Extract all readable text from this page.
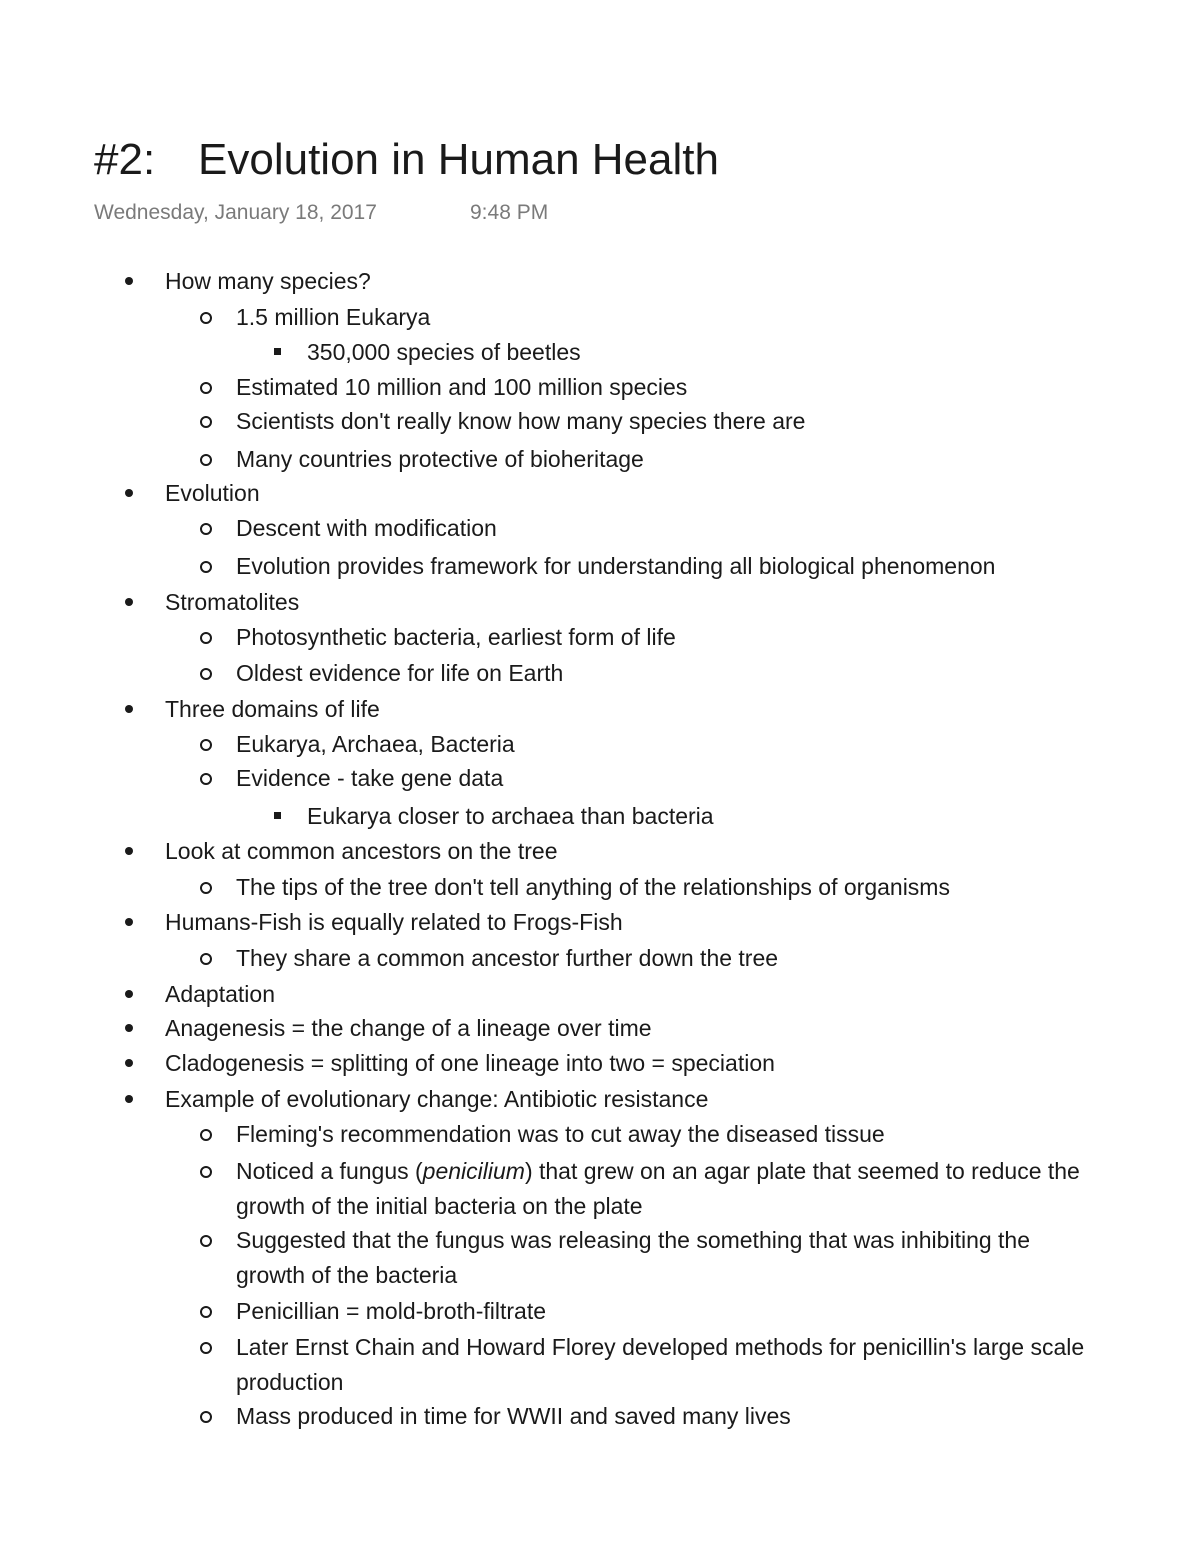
#2: Evolution in Human Health
Wednesday, January 18, 2017	9:48 PM
How many species?
1.5 million Eukarya
350,000 species of beetles
Estimated 10 million and 100 million species
Scientists don't really know how many species there are
Many countries protective of bioheritage
Evolution
Descent with modification
Evolution provides framework for understanding all biological phenomenon
Stromatolites
Photosynthetic bacteria, earliest form of life
Oldest evidence for life on Earth
Three domains of life
Eukarya, Archaea, Bacteria
Evidence - take gene data
Eukarya closer to archaea than bacteria
Look at common ancestors on the tree
The tips of the tree don't tell anything of the relationships of organisms
Humans-Fish is equally related to Frogs-Fish
They share a common ancestor further down the tree
Adaptation
Anagenesis = the change of a lineage over time
Cladogenesis = splitting of one lineage into two = speciation
Example of evolutionary change: Antibiotic resistance
Fleming's recommendation was to cut away the diseased tissue
Noticed a fungus (penicilium) that grew on an agar plate that seemed to reduce the
growth of the initial bacteria on the plate
Suggested that the fungus was releasing the something that was inhibiting the
growth of the bacteria
Penicillian = mold-broth-filtrate
Later Ernst Chain and Howard Florey developed methods for penicillin's large scale
production
Mass produced in time for WWII and saved many lives
